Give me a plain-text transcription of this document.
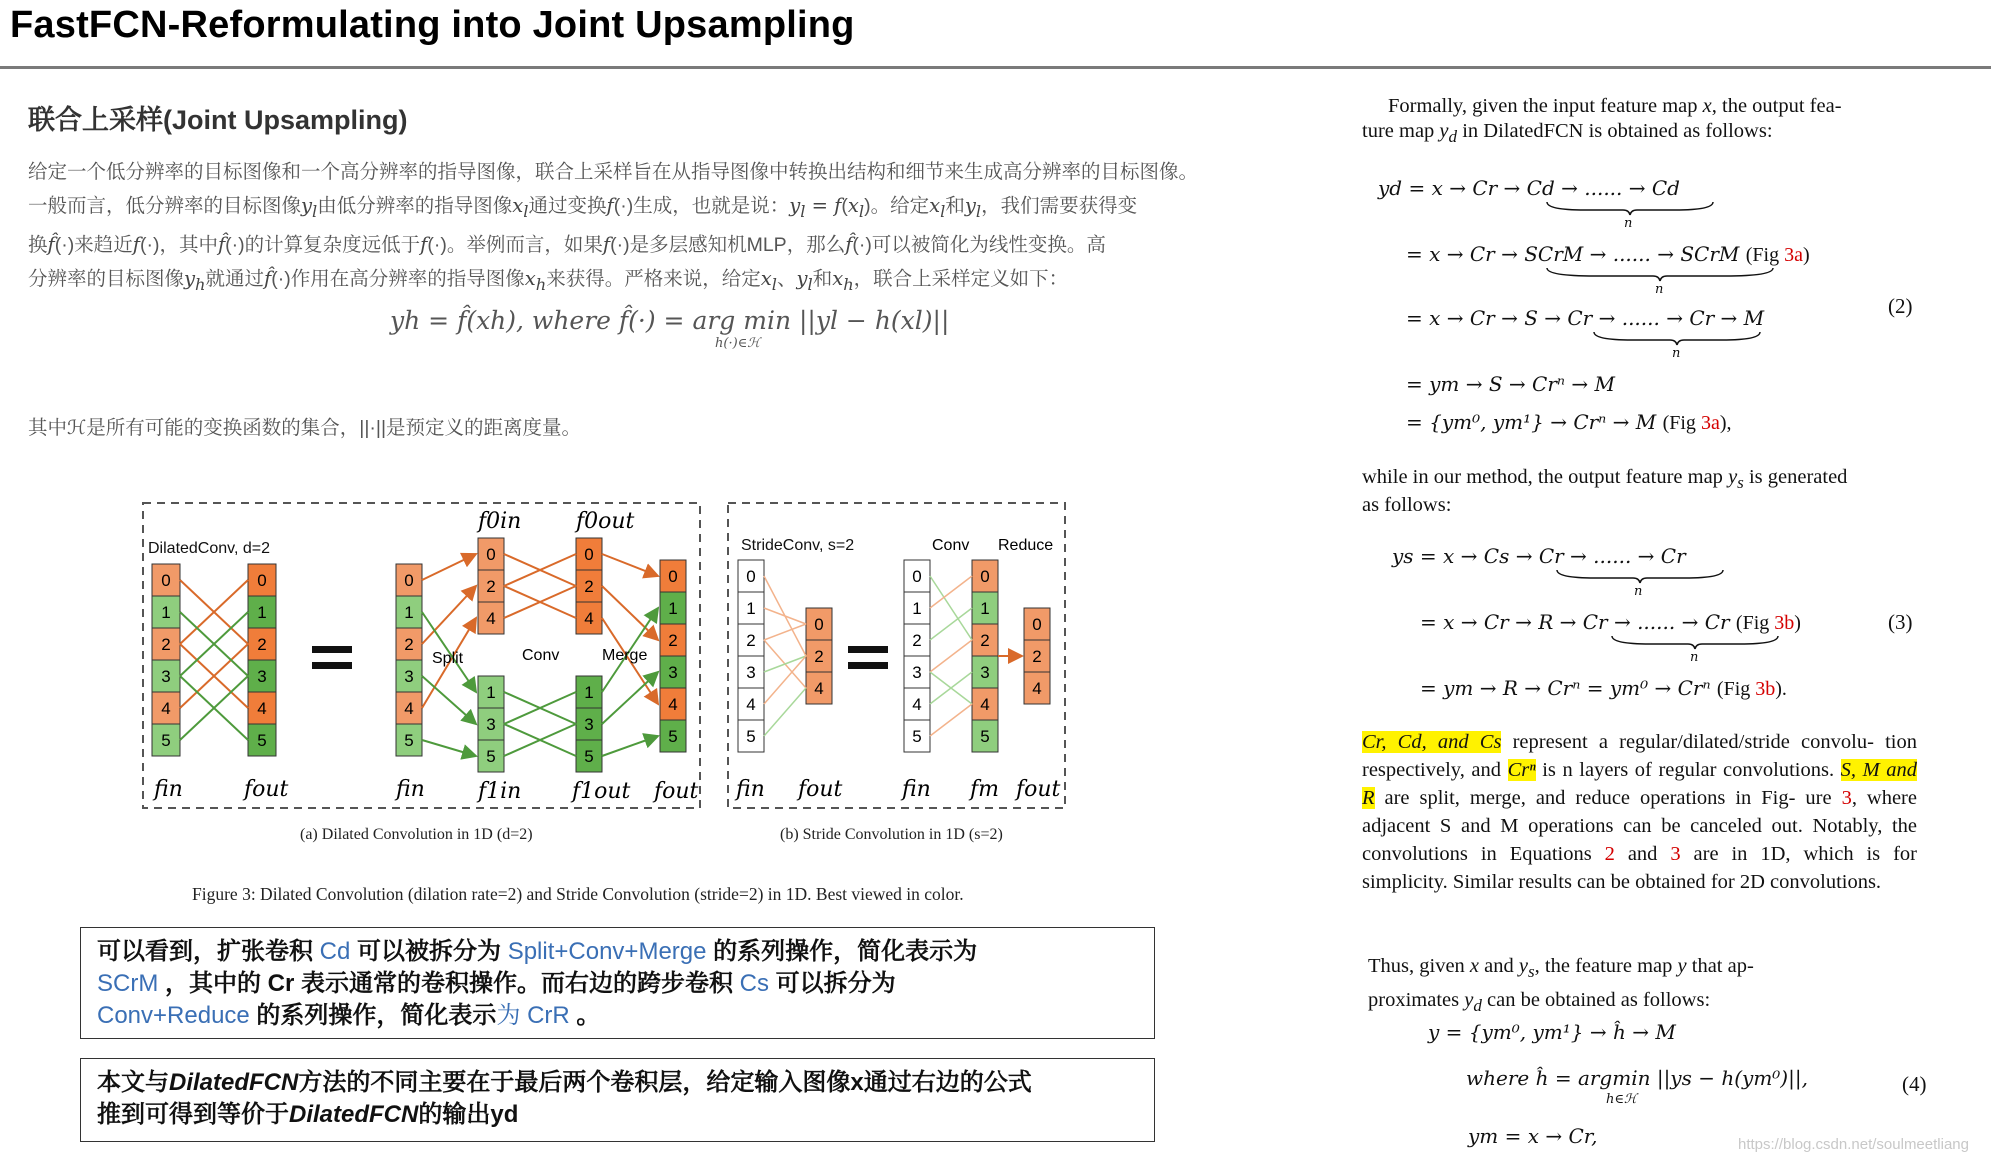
FastFCN-Reformulating into Joint Upsampling
联合上采样(Joint Upsampling)
给定一个低分辨率的目标图像和一个高分辨率的指导图像，联合上采样旨在从指导图像中转换出结构和细节来生成高分辨率的目标图像。
一般而言，低分辨率的目标图像$y_l$由低分辨率的指导图像$x_l$通过变换f(·)生成，也就是说：$y_l = f(x_l)$。给定$x_l$和$y_l$，我们需要获得变
换f̂(·)来趋近f(·)，其中f̂(·)的计算复杂度远低于f(·)。举例而言，如果f(·)是多层感知机MLP，那么f̂(·)可以被简化为线性变换。高
分辨率的目标图像$y_h$就通过f̂(·)作用在高分辨率的指导图像$x_h$来获得。严格来说，给定$x_l$、$y_l$和$x_h$，联合上采样定义如下：
yh = f̂(xh), where f̂(·) = arg min ||yl − h(xl)||
h(·)∈ℋ
其中ℋ是所有可能的变换函数的集合，||·||是预定义的距离度量。
DilatedConv, d=2	StrideConv, s=2
0
1
2
3
4
5
0
1
2
3
4
5
fin	fout
0
1
2
3
4
5
0
2
4
1
3
5
0
2
4
1
3
5
0
1
2
3
4
5
Split	Conv	Merge
f0in f0out
fin f1in f1out fout
0
1
2
3
4
5
0
2
4
0
1
2
3
4
5
0
1
2
3
4
5
0
2
4
Conv Reduce
fin fout	fin fm fout
(a) Dilated Convolution in 1D (d=2)	(b) Stride Convolution in 1D (s=2)
Figure 3: Dilated Convolution (dilation rate=2) and Stride Convolution (stride=2) in 1D. Best viewed in color.
可以看到，扩张卷积 Cd 可以被拆分为 Split+Conv+Merge 的系列操作，简化表示为
SCrM ，其中的 Cr 表示通常的卷积操作。而右边的跨步卷积 Cs 可以拆分为
Conv+Reduce 的系列操作，简化表示为 CrR 。
本文与DilatedFCN方法的不同主要在于最后两个卷积层，给定输入图像x通过右边的公式
推到可得到等价于DilatedFCN的输出yd
Formally, given the input feature map x, the output fea-
ture map $y_d$ in DilatedFCN is obtained as follows:
yd = x → Cr → Cd → ...... → Cd
n
= x → Cr → SCrM → ...... → SCrM (Fig 3a)
n
= x → Cr → S → Cr → ...... → Cr → M	(2)
n
= ym → S → Crⁿ → M
= {ym⁰, ym¹} → Crⁿ → M (Fig 3a),
while in our method, the output feature map $y_s$ is generated
as follows:
ys = x → Cs → Cr → ...... → Cr
n
= x → Cr → R → Cr → ...... → Cr (Fig 3b)	(3)
n
= ym → R → Crⁿ = ym⁰ → Crⁿ (Fig 3b).
Cr, Cd, and Cs represent a regular/dilated/stride convolu- tion respectively, and Crⁿ is n layers of regular convolutions. S, M and R are split, merge, and reduce operations in Fig- ure 3, where adjacent S and M operations can be canceled out. Notably, the convolutions in Equations 2 and 3 are in 1D, which is for simplicity. Similar results can be obtained for 2D convolutions.
Thus, given x and $y_s$, the feature map y that ap-
proximates $y_d$ can be obtained as follows:
y = {ym⁰, ym¹} → ĥ → M
where ĥ = argmin ||ys − h(ym⁰)||,
h∈ℋ
(4)
ym = x → Cr,	https://blog.csdn.net/soulmeetliang
